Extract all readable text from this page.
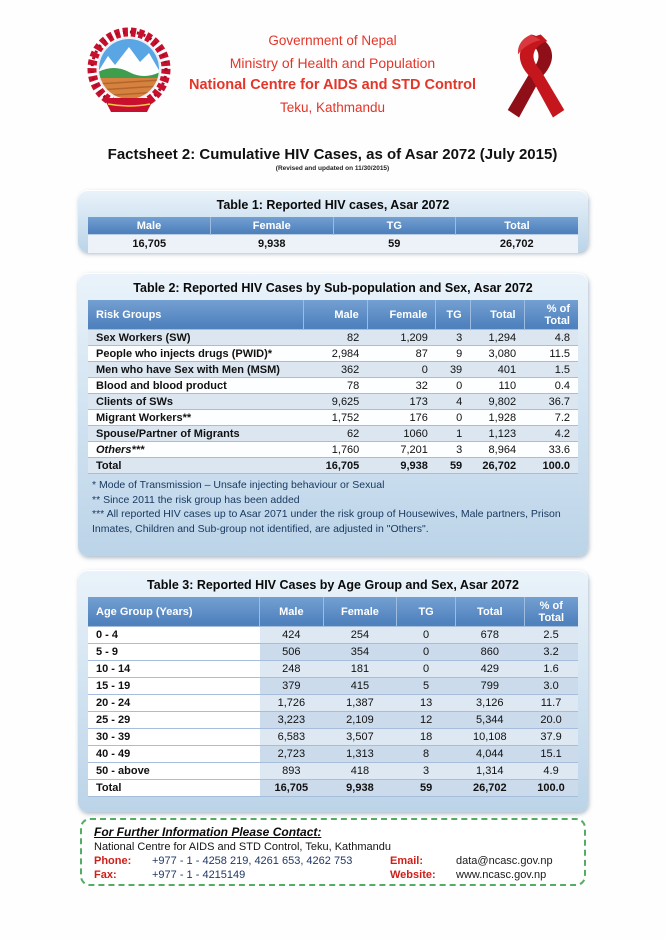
Government of Nepal
Ministry of Health and Population
National Centre for AIDS and STD Control
Teku, Kathmandu
Factsheet 2: Cumulative HIV Cases, as of Asar 2072 (July 2015)
(Revised and updated on 11/30/2015)
Table 1: Reported HIV cases, Asar 2072
Male	Female	TG	Total
16,705	9,938	59	26,702
Table 2: Reported HIV Cases by Sub-population and Sex, Asar 2072
Risk Groups	Male	Female	TG	Total	% of Total
Sex Workers (SW)	82	1,209	3	1,294	4.8
People who injects drugs (PWID)*	2,984	87	9	3,080	11.5
Men who have Sex with Men (MSM)	362	0	39	401	1.5
Blood and blood product	78	32	0	110	0.4
Clients of SWs	9,625	173	4	9,802	36.7
Migrant Workers**	1,752	176	0	1,928	7.2
Spouse/Partner of Migrants	62	1060	1	1,123	4.2
Others***	1,760	7,201	3	8,964	33.6
Total	16,705	9,938	59	26,702	100.0
* Mode of Transmission – Unsafe injecting behaviour or Sexual
** Since 2011 the risk group has been added
*** All reported HIV cases up to Asar 2071 under the risk group of Housewives, Male partners, Prison Inmates, Children and Sub-group not identified, are adjusted in "Others".
Table 3: Reported HIV Cases by Age Group and Sex, Asar 2072
Age Group (Years)	Male	Female	TG	Total	% of Total
0 - 4	424	254	0	678	2.5
5 - 9	506	354	0	860	3.2
10 - 14	248	181	0	429	1.6
15 - 19	379	415	5	799	3.0
20 - 24	1,726	1,387	13	3,126	11.7
25 - 29	3,223	2,109	12	5,344	20.0
30 - 39	6,583	3,507	18	10,108	37.9
40 - 49	2,723	1,313	8	4,044	15.1
50 - above	893	418	3	1,314	4.9
Total	16,705	9,938	59	26,702	100.0
For Further Information Please Contact:
National Centre for AIDS and STD Control, Teku, Kathmandu
Phone:	+977 - 1 - 4258 219, 4261 653, 4262 753	Email:	data@ncasc.gov.np
Fax:	+977 - 1 - 4215149	Website:	www.ncasc.gov.np
